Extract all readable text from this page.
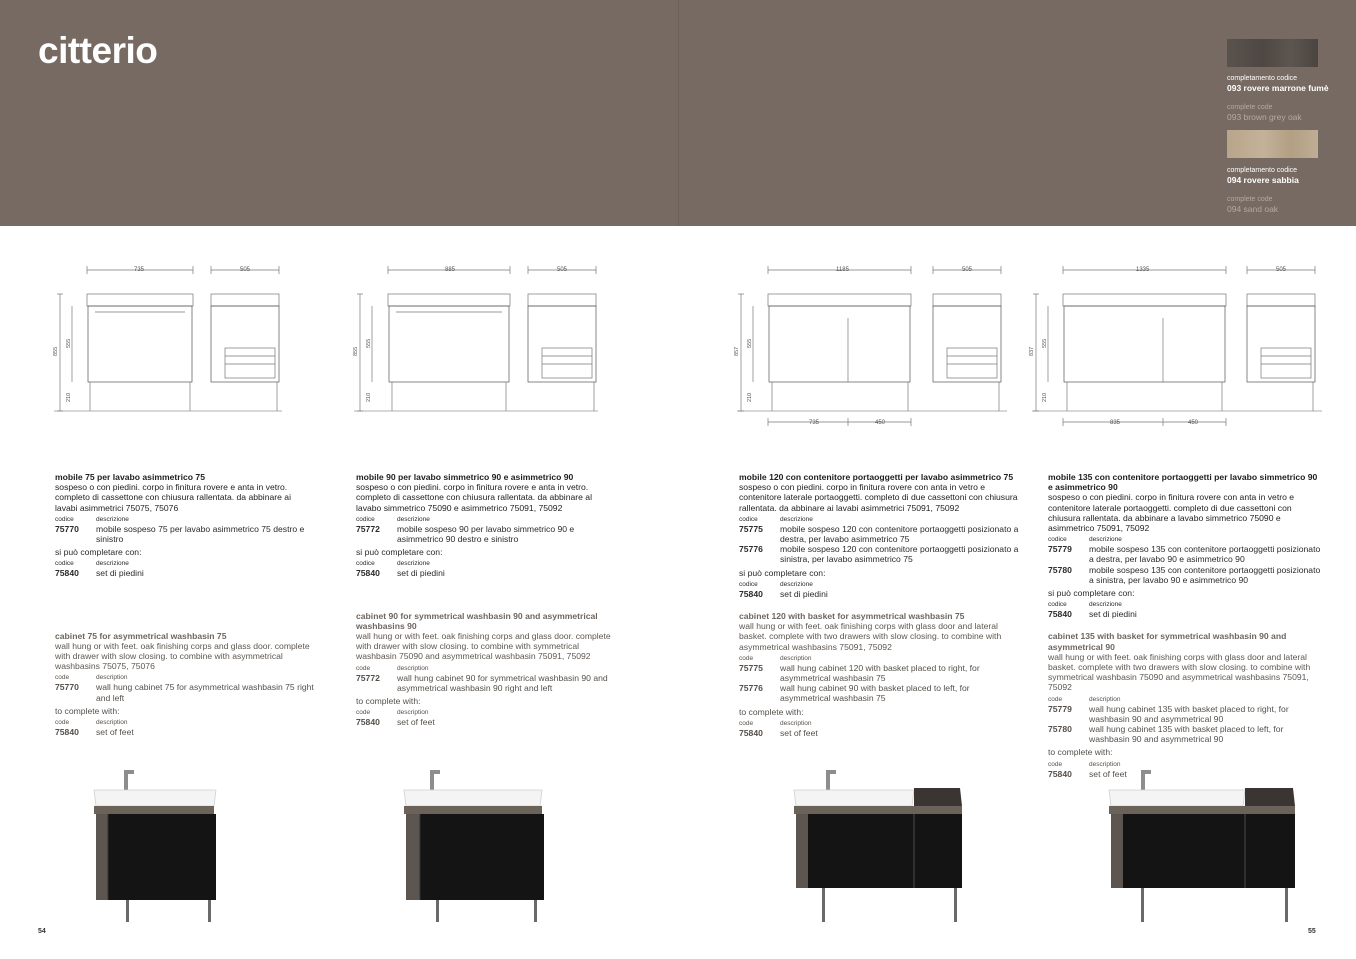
citterio
completamento codice
093 rovere marrone fumè
complete code
093 brown grey oak
completamento codice
094 rovere sabbia
complete code
094 sand oak
735	505
855
555
210
885	505
855
555
210
1185	505
857
555
210
735	450
1335	505
837
555
210
835	450
mobile 75 per lavabo asimmetrico 75
sospeso o con piedini. corpo in finitura rovere e anta in vetro. completo di cassettone con chiusura rallentata. da abbinare ai lavabi asimmetrici 75075, 75076
codice	descrizione
75770	mobile sospeso 75 per lavabo asimmetrico 75 destro e sinistro
si può completare con:
codice	descrizione
75840	set di piedini
cabinet 75 for asymmetrical washbasin 75
wall hung or with feet. oak finishing corps and glass door. complete with drawer with slow closing. to combine with asymmetrical washbasins 75075, 75076
code	description
75770	wall hung cabinet 75 for asymmetrical washbasin 75 right and left
to complete with:
code	description
75840	set of feet
mobile 90 per lavabo simmetrico 90 e asimmetrico 90
sospeso o con piedini. corpo in finitura rovere e anta in vetro. completo di cassettone con chiusura rallentata. da abbinare al lavabo simmetrico 75090 e asimmetrico 75091, 75092
codice	descrizione
75772	mobile sospeso 90 per lavabo simmetrico 90 e asimmetrico 90 destro e sinistro
si può completare con:
codice	descrizione
75840	set di piedini
cabinet 90 for symmetrical washbasin 90 and asymmetrical washbasins 90
wall hung or with feet. oak finishing corps and glass door. complete with drawer with slow closing. to combine with symmetrical washbasin 75090 and asymmetrical washbasin 75091, 75092
code	description
75772	wall hung cabinet 90 for symmetrical washbasin 90 and asymmetrical washbasin 90 right and left
to complete with:
code	description
75840	set of feet
mobile 120 con contenitore portaoggetti per lavabo asimmetrico 75
sospeso o con piedini. corpo in finitura rovere con anta in vetro e contenitore laterale portaoggetti. completo di due cassettoni con chiusura rallentata. da abbinare ai lavabi asimmetrici 75091, 75092
codice	descrizione
75775	mobile sospeso 120 con contenitore portaoggetti posizionato a destra, per lavabo asimmetrico 75
75776	mobile sospeso 120 con contenitore portaoggetti posizionato a sinistra, per lavabo asimmetrico 75
si può completare con:
codice	descrizione
75840	set di piedini
cabinet 120 with basket for asymmetrical washbasin 75
wall hung or with feet. oak finishing corps with glass door and lateral basket. complete with two drawers with slow closing. to combine with asymmetrical washbasins 75091, 75092
code	description
75775	wall hung cabinet 120 with basket placed to right, for asymmetrical washbasin 75
75776	wall hung cabinet 90 with basket placed to left, for asymmetrical washbasin 75
to complete with:
code	description
75840	set of feet
mobile 135 con contenitore portaoggetti per lavabo simmetrico 90 e asimmetrico 90
sospeso o con piedini. corpo in finitura rovere con anta in vetro e contenitore laterale portaoggetti. completo di due cassettoni con chiusura rallentata. da abbinare a lavabo simmetrico 75090 e asimmetrico 75091, 75092
codice	descrizione
75779	mobile sospeso 135 con contenitore portaoggetti posizionato a destra, per lavabo 90 e asimmetrico 90
75780	mobile sospeso 135 con contenitore portaoggetti posizionato a sinistra, per lavabo 90 e asimmetrico 90
si può completare con:
codice	descrizione
75840	set di piedini
cabinet 135 with basket for symmetrical washbasin 90 and asymmetrical 90
wall hung or with feet. oak finishing corps with glass door and lateral basket. complete with two drawers with slow closing. to combine with symmetrical washbasin 75090 and asymmetrical washbasins 75091, 75092
code	description
75779	wall hung cabinet 135 with basket placed to right, for washbasin 90 and asymmetrical 90
75780	wall hung cabinet 135 with basket placed to left, for washbasin 90 and asymmetrical 90
to complete with:
code	description
75840	set of feet
54	55
